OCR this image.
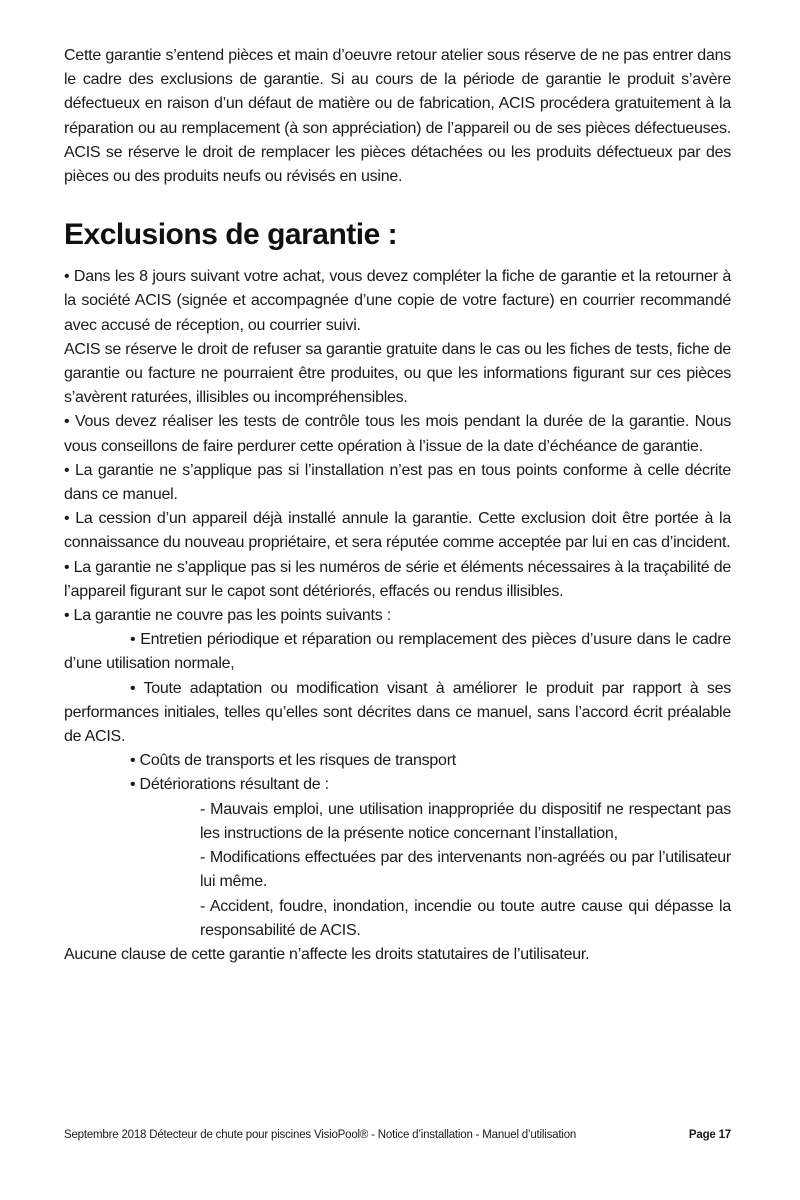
Cette garantie s’entend pièces et main d’oeuvre retour atelier sous réserve de ne pas entrer dans le cadre des exclusions de garantie. Si au cours de la période de garantie le produit s’avère défectueux en raison d’un défaut de matière ou de fabrication, ACIS procédera gratuitement à la réparation ou au remplacement (à son appréciation) de l’appareil ou de ses pièces défectueuses. ACIS se réserve le droit de remplacer les pièces détachées ou les produits défectueux par des pièces ou des produits neufs ou révisés en usine.

Exclusions de garantie :

• Dans les 8 jours suivant votre achat, vous devez compléter la fiche de garantie et la retourner à la société ACIS (signée et accompagnée d’une copie de votre facture) en courrier recommandé avec accusé de réception, ou courrier suivi.

ACIS se réserve le droit de refuser sa garantie gratuite dans le cas ou les fiches de tests, fiche de garantie ou facture ne pourraient être produites, ou que les informations figurant sur ces pièces s’avèrent raturées, illisibles ou incompréhensibles.

• Vous devez réaliser les tests de contrôle tous les mois pendant la durée de la garantie. Nous vous conseillons de faire perdurer cette opération à l’issue de la date d’échéance de garantie.

• La garantie ne s’applique pas si l’installation n’est pas en tous points conforme à celle décrite dans ce manuel.

• La cession d’un appareil déjà installé annule la garantie. Cette exclusion doit être portée à la connaissance du nouveau propriétaire, et sera réputée comme acceptée par lui en cas d’incident.

• La garantie ne s’applique pas si les numéros de série et éléments nécessaires à la traçabilité de l’appareil figurant sur le capot sont détériorés, effacés ou rendus illisibles.

• La garantie ne couvre pas les points suivants :

• Entretien périodique et réparation ou remplacement des pièces d’usure dans le cadre d’une utilisation normale,

• Toute adaptation ou modification visant à améliorer le produit par rapport à ses performances initiales, telles qu’elles sont décrites dans ce manuel, sans l’accord écrit préalable de ACIS.

• Coûts de transports et les risques de transport

• Détériorations résultant de :

- Mauvais emploi, une utilisation inappropriée du dispositif ne respectant pas les instructions de la présente notice concernant l’installation,

- Modifications effectuées par des intervenants non-agréés ou par l’utilisateur lui même.

- Accident, foudre, inondation, incendie ou toute autre cause qui dépasse la responsabilité de ACIS.

Aucune clause de cette garantie n’affecte les droits statutaires de l’utilisateur.

Septembre 2018 Détecteur de chute pour piscines VisioPool® - Notice d’installation - Manuel d’utilisation	Page 17
